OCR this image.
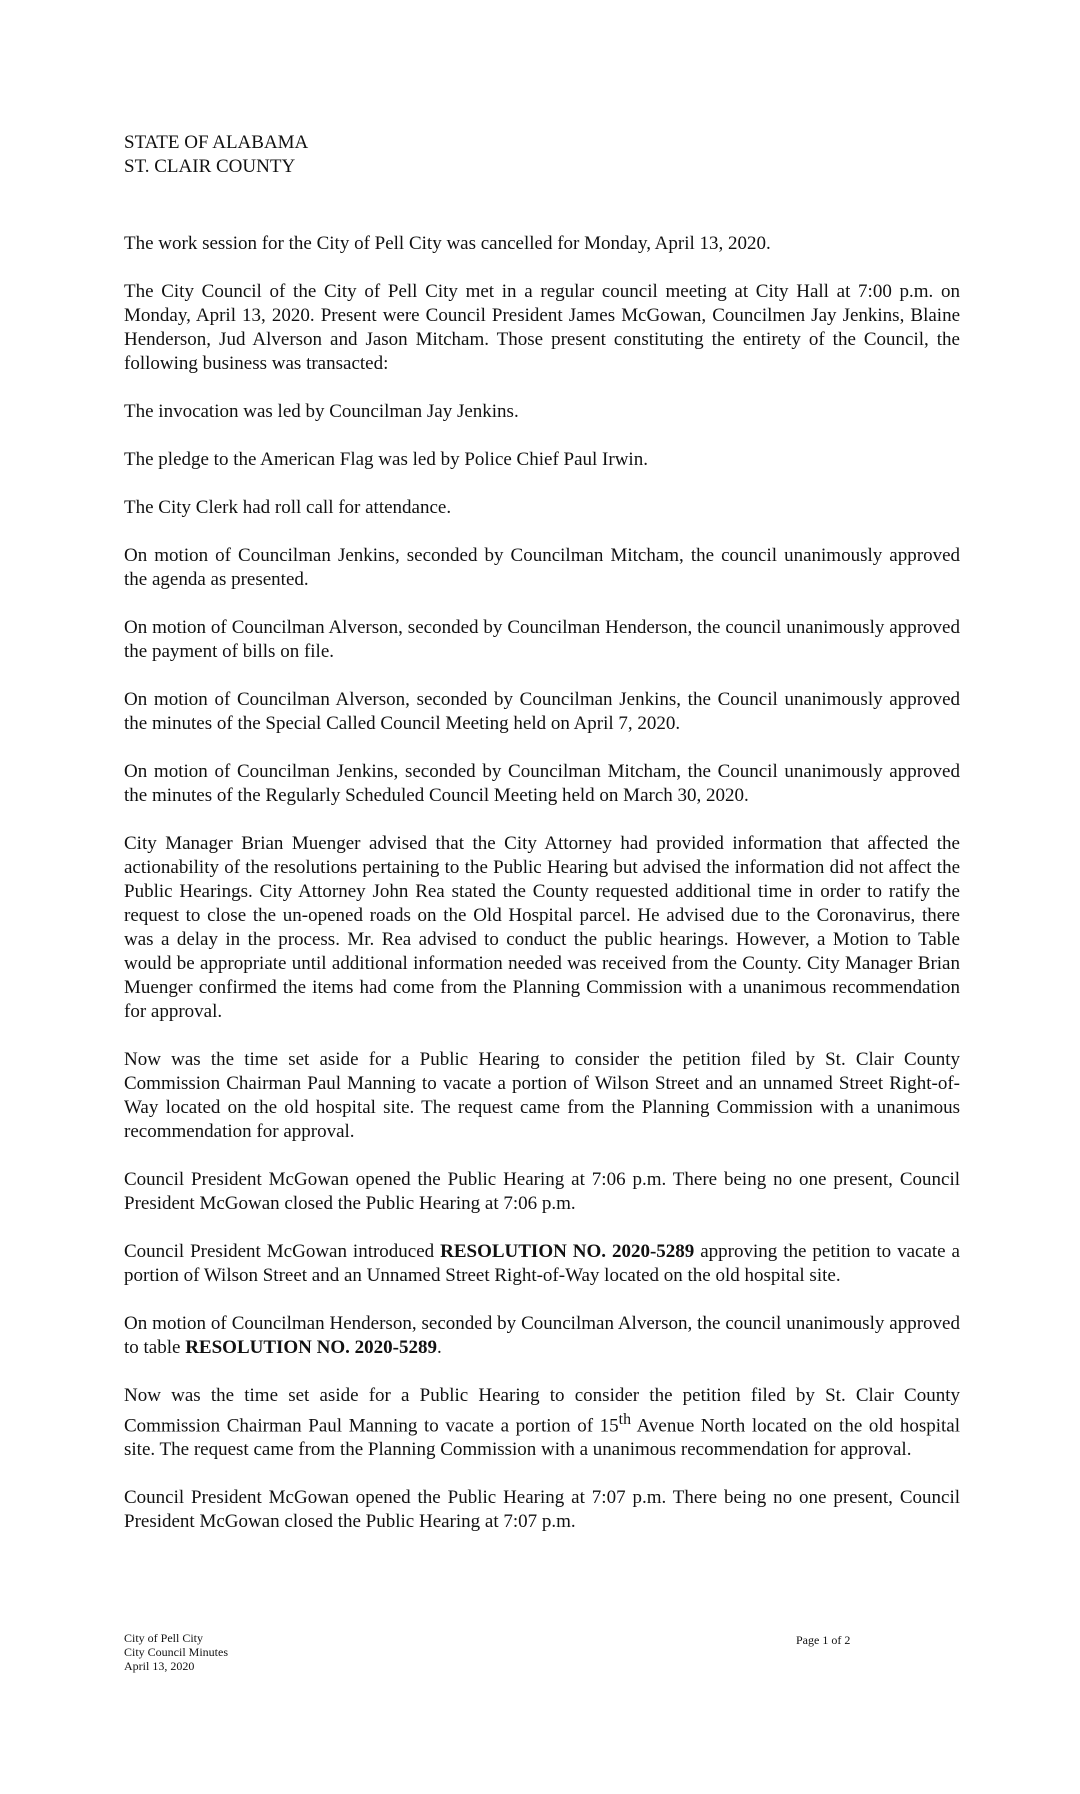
STATE OF ALABAMA
ST. CLAIR COUNTY

The work session for the City of Pell City was cancelled for Monday, April 13, 2020.

The City Council of the City of Pell City met in a regular council meeting at City Hall at 7:00 p.m. on Monday, April 13, 2020. Present were Council President James McGowan, Councilmen Jay Jenkins, Blaine Henderson, Jud Alverson and Jason Mitcham. Those present constituting the entirety of the Council, the following business was transacted:

The invocation was led by Councilman Jay Jenkins.

The pledge to the American Flag was led by Police Chief Paul Irwin.

The City Clerk had roll call for attendance.

On motion of Councilman Jenkins, seconded by Councilman Mitcham, the council unanimously approved the agenda as presented.

On motion of Councilman Alverson, seconded by Councilman Henderson, the council unanimously approved the payment of bills on file.

On motion of Councilman Alverson, seconded by Councilman Jenkins, the Council unanimously approved the minutes of the Special Called Council Meeting held on April 7, 2020.

On motion of Councilman Jenkins, seconded by Councilman Mitcham, the Council unanimously approved the minutes of the Regularly Scheduled Council Meeting held on March 30, 2020.

City Manager Brian Muenger advised that the City Attorney had provided information that affected the actionability of the resolutions pertaining to the Public Hearing but advised the information did not affect the Public Hearings. City Attorney John Rea stated the County requested additional time in order to ratify the request to close the un-opened roads on the Old Hospital parcel. He advised due to the Coronavirus, there was a delay in the process. Mr. Rea advised to conduct the public hearings. However, a Motion to Table would be appropriate until additional information needed was received from the County. City Manager Brian Muenger confirmed the items had come from the Planning Commission with a unanimous recommendation for approval.

Now was the time set aside for a Public Hearing to consider the petition filed by St. Clair County Commission Chairman Paul Manning to vacate a portion of Wilson Street and an unnamed Street Right-of-Way located on the old hospital site. The request came from the Planning Commission with a unanimous recommendation for approval.

Council President McGowan opened the Public Hearing at 7:06 p.m. There being no one present, Council President McGowan closed the Public Hearing at 7:06 p.m.

Council President McGowan introduced RESOLUTION NO. 2020-5289 approving the petition to vacate a portion of Wilson Street and an Unnamed Street Right-of-Way located on the old hospital site.

On motion of Councilman Henderson, seconded by Councilman Alverson, the council unanimously approved to table RESOLUTION NO. 2020-5289.

Now was the time set aside for a Public Hearing to consider the petition filed by St. Clair County Commission Chairman Paul Manning to vacate a portion of 15th Avenue North located on the old hospital site. The request came from the Planning Commission with a unanimous recommendation for approval.

Council President McGowan opened the Public Hearing at 7:07 p.m. There being no one present, Council President McGowan closed the Public Hearing at 7:07 p.m.

City of Pell City
City Council Minutes
April 13, 2020
Page 1 of 2
